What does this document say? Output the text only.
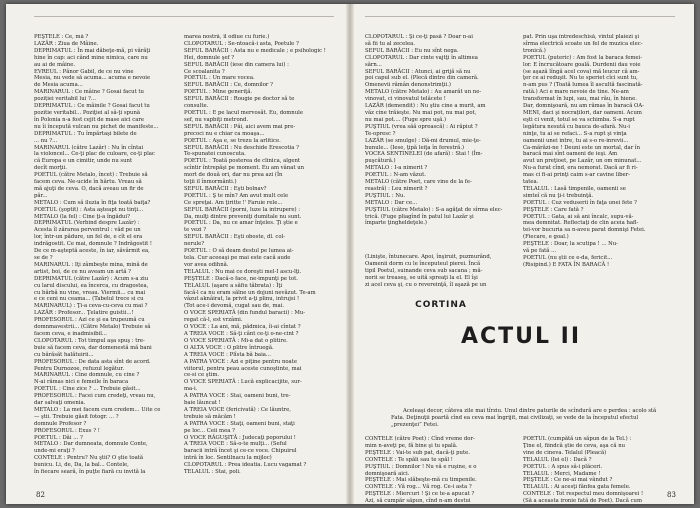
PEŞTELE : Ce, mă ?

LAZĂR : Ziua de Mâine.

DEPRIMATUL : În mai dăbeţe-mă, pi vărăţi

hine în cap: aci când mine nimica, care nu

au ai de mâine.

EVREUL : Pănor Gabil, de ce nu vine

Mesia, nu vede să acuma... acuma e nevoie

de Mesia acuma...

MARINARUL : Ce mâine ? Gosai facut tu

poziției veritabil lui ?...

DEPRIMATUL : Ce mâinile ? Gosai facut tu

pozitie veritabil... Poziţiei al să-ţi spună

în Polonia n-a fost cejit de mase aici care

nu îi începută vulcan nu pichet de manifeste...

DEPRIMATUL : Tu împărtaşi bilete de

... nu ?...

MARINARUL (către Lazăr) : Nu în cîntai

la violoncel... Ce-ţi plac de culoare, ce-ţi plac

că Europa e un cimitir, unde nu sunt

decît morţii.

POETUL (către Metalo, încet) : Trebuie să

facem ceva. Ne-ucide în hărtu. Vreau să

mă ajuţi de ceva. O, dacă aveau un fir de

păr...

METALO : Cum să iluzia în fiţa toată baiţa?

POETUL (şoptit) : Asta aşteapt nu tinţi...

METALO (la fel) : Cine ţi-a îngădui?

DEPRIMATUL (Verbind despre Lazăr) :

Acesta îl zărarea perventrul : văd pe un

lor, într-un pădure, un fel de, e cît el era

indrăgostit. Ce mai, domnule ? Indrăgostit !

De ce m-aşteptă aceste, în iar, săvârmit ea,

se de ?

MARINARUL : Iţi zâmbeşte mina, mină de

artist, boi, de ce nu aveam un artă ?

DEPRIMATUL (către Lazăr) : Acum s-a ziu

cu larul discului, ea încerca, cu dragostea,

cu bărbă nu vine, vreau. Viermii... cu mai

e ce ceni nu ceama... (Tabelul trece si cu

MARINARUL) : Ţi-a ceva-cu-ceva cu mai ?

LAZĂR : Profesor... Ţelatire guistii...!

PROFESORUL : Azi ce şi ea trupeumă cu

domnmavestrii... (Către Metalo) Trebuie să

facem ceva, e inadmisibil...

CLOPOTARUL : Tot timpul aşa spuş : tre-

buie să facem ceva, dar domenestă mă bani

cu bărăsăt halătuirii...

PROFESORUL : De data asta sînt de acord.

Pentru Durnozoe, refuzul legătur.

MARINARUL : Cine domnule, cu cine ?

N-ai rămas nici e femeile în baraca

POETUL : Cine zice ? ... Trebuie găsit...

PROFESORUL : Facei cum credeţi, vreau nu,

dar salvaţi omenia.

METALO : La mei facem cum credem... Uite ce

— ştii. Trebuie găsit fotogr. ... ?

domnule Profesor ?

PROFESORUL : Exus ? !

POETUL : Dăi ... ?

METALO : Dar dumneata, domnule Conte,

unde-mi eraţi ?

CONTELE : Pentru? Nu ştii? O ştie toată

bunicu. Li, de, Da, la bal... Contele,

în fiecare seară, în puţte fiară cu invită la

marea nostră, îl odiue cu furie.)

CLOPOTARUL : Se-ntoacă-i asta, Poetule ?

SEFUL BARĂCII : Asta nu e medicale ; e psihologic !

Hei, domnule şef ?

SEFUL BARĂCII (iese din camera lui) :

Ce scoalanita ?

POETUL : Un mare vocea.

SEFUL BARĂCII : Ce, domnilor ?

POETUL : Mine generiţă.

SEFUL BARĂCII : Rougie pe doctor să te

consulte.

POETUL : E pe lacul mervosăt. Eu, domnule

sef, nu vapbiţi metrond.

SEFUL BARĂCII : Păi, aici avem mai pre-

precoci nu e chiar ca moaşa...

POETUL : Aşa e, se trezu la arlitice.

SEFUL BARĂCII : Nu deschide Erescotia ?

Te-spunatei cunoscuta.

POETUL : Toată posterea de clinica, algent

scîntir întrepăşi pe moment. Eu am vânat un

mort de două ori, dar nu prea azi (În

toţii il înmormânti.)

SEFUL BARĂCII : Eşti bolnav?

POETUL : Ş te mîn? Am avut mult cele

Ce spreţai. Am ţiritte !' Faruie rele...

SEFUL BARĂCII (porni, luze la intrupere) :

Da, mulţi dintre preveniţi dumitale nu sunt.

POETUL : Da, nu ce amar înţeles. Ţi ştie e

te vezi ?

SEFUL BARĂCII : Eşti oboste, dl. col-

nerule?

POETUL : O să deam destul pe lumea ai-

tela. Cur aceeaşi pe mai este cacă aude

vor avea odihnă.

TELALUL : Nu mai ce doreşti mel-I ascu-lţi.

PEŞTELE : Dacă-o face, ne-impunţi pe tot.

TELALUL (aşare a săfiu tâbrata) : Îţi

facă-l ca nu eram sălne un dojuni nevăzut. Te-am

vâzut aknâirat, la privit a-ţi plinu, intrujsi !

(Tot ace-i devomă, cugat sau de, mai.

O VOCE SPERIATĂ (din fundul baracii) : Mu-

regat că-l, est vrzâmi.

O VOCE : La ani, mă, pădmica, îi-ai cîntat ?

A TREIA VOCE : Să-ţi cânt ce-ţi o-ne-cint ?

O VOCE SPERIATĂ : Mi-a dat o plitire.

O ALTA VOCE : O plitre întruegă.

A TREIA VOCE : Plîsta bă baia...

A PATRA VOCE : Azi e piţine pentru noate

viitorul, pentru peau aceste cunoştinte, mai

ce-si ce ştim.

O VOCE SPERIATĂ : Lucă explicacijite, sur-

ma-i.

A PATRA VOCE : Stai, oameni buni, tre-

baie lăuncat !

A TREIA VOCE (fericivată) : Ce lăuntre,

trebuie să măcăm !

A PATRA VOCE : Staţi, oameni buni, staţi

pe loc... Ceii mea ?

O VOCE RĂGUŞITĂ : Judecaţi poporului !

A TREIA VOCE : Să-o-te mulţi... (Seful

baracii intră încet şi ce-ce voce. Chipuirul

intră în loc. Sentilnacu la mijloc)

CLOPOTARUL : Prea ideatia. Lucu vagamat ?

TELALUL : Stai, poli.

82

CLOPOTARUL : Şi ce-ţi pasă ? Doar n-ai

să fii tu al zecelea.

SEFUL BARĂCII : Eu nu sînt nega.

CLOPOTARUL : Dar cinte vajtţi în altimea

sărn...

SEFUL BARĂCII : Atunci, ai grijă să nu

poi capul sub el. (Plecă dintre din cameră.

Omenevii rămân denonstrimţii.)

METALO (către Metalo) : Au amarăt un ne-

vinovat, ci vinovatul telăcete !

LAZĂR (demendit) : Nu ştiu cine a murit, am

văz cine trăieşte. Nu mai pot, nu mai pot,

nu mai pot.... (Fuge spre uşă.)

PUŞTIUL (vrea săă oprească) : Ai răpiut ?

Te-opresc ?

LAZĂR (se smulge) : Dă-mi drumul, mie-ţe-

bunule... (Iese, ţipă leiţa în ferestră.)

VOCEA SENTINELEI (de afară) : Stai ! (Îm-

puşcătură.)

METALO : I-a nimerit ?

POETUL : N-am văzut.

METALO (către Poet, care vine de la fe-

reastră) : Leu nimerit ?

PUŞTIUL : Nu.

METALO : Dar ce...

PUŞTIUL (către Metalo) : S-a agăţat de sîrma elec-

trică. (Fuge pliagînd în patul lui Lazăr şi

împarte ţingheldeţele.)

(Linişte, întunecare. Apoi, înşiruit, puzmurând,

Oamenii dorm cu le începuteul pierei. Încă

tipil Poetul, suinande ceva sub sacana ; mă-

norii se treaseş, se uită spreaţi la el. El îşi

zi acel ceva şi, cu o revereinţă, îl aşază pe un

CORTINA

pat. Prin uşa întredeschisă, vîntul plaiezi şi

sîrma electrică scoate un fel de muzica elec-

tronică.)

POETUL (puteric) : Am fost la baraca femei-

lor. E încrucătoare goală. Durdenii dau voie

(se aşază lîngă acel cova) mă leucur că am-

ţer ce ai reduşit. Nu te speriet cîci sunt tu,

n-am pus ? (Toată lumea îl ascultă fascinată-

rată.) Aci e mare nevoie de tine. Ne-am

transformat în lupi, sau, mai rău, în hiene.

Dar, domnişoară, nu am rămas în baracă OA-

MENI, daci şi nocrațilori, dar oameni. Acum

eşti ci venit, totul se va schimba. S-a rupt

legătura nesută cu bauca de-afară. Nu-i

ninţe, tu ai se refaci... S-a rupt şi vinţa

oamenii unei intre, tu ai s-o re-inrevii...

Ca-mărăzi-ne ! Deuni este un mortal, dar în

baracă mai sînt oameni de ieşi. Am

avut un preţioet, pe Lazăr, un om minunat...

Nu-a furat cînd, era nemorat. Dacă ar fi ri-

mas ci fi-ai prinţi caim s-ar cavine liber-

tatea.

TELALUL : Lasă timpenile, oamenii se

simteî că nu ţi-i trebuinţă.

POETUL : Cuz veduserii în faţa unei fete ?

PEŞTELE : Care fată ?

POETUL : Gata, ai să ani încalc, supu-vă-

mea demnitat. Reflectaţi de clin aceia hafl-

tei-vor bucuria sa n-aveu parat domnişi Fetei.

(Fiecare, e goal.)

PEŞTELE : Doar, la scutipa ! ... Nu-

vă pe fată ...

POETUL (nu ştii ce e-da, fericit...

(Risipind.) E FATA ÎN BARACĂ !

ACTUL II

Aceleaşi decor, câteva zile mai tîrziu. Unul dintre paturile de scîndură are o perdea : acolo stă Fata. Deţinuţii poartă cînd ea ceva mai îngrijit, mai civilizaţi, se vede de la începutul efectul „prezenţei” Fetei.

CONTELE (către Poet) : Cînd vreme dor-

mim n-aveţi pe, fă bine şi tu spală.

PEŞTELE : Vai-te sub pat, dacă-ţi pute.

CONTELE : Te spăli sau te spăl !

PUŞTIUL : Domnilor ! Nu vă e ruşine, e o

domnişoară aici.

PEŞTELE : Mai slăbeşte-mă cu timpenile.

CONTELE : Vă rog... Vă rog. Ce-i asta ?

PEŞTELE : Miercuri ! Şi ce te-a apucat ?

Azi, să cumpăr săpun, cînd n-am destui

POETUL (cumpătă un săpun de la Tel.) :

Ţine el, fiindcă ştie de ceva, aşa că nu

vine de cineva. Telalul (Pleacă)

TELALUL (Iei el) : Dacă ?

POETUL : A spus să-i plăceri.

TELALUL : Merci, Madame !

PEŞTELE : Ce ne-ai mai vândut ?

TELALUL : Ai acesţi fănfea gata femele.

CONTELE : Tot respectul meu domnişoarei !

(Să a aceasta ironie fată de Poet). Dacă cum

83
